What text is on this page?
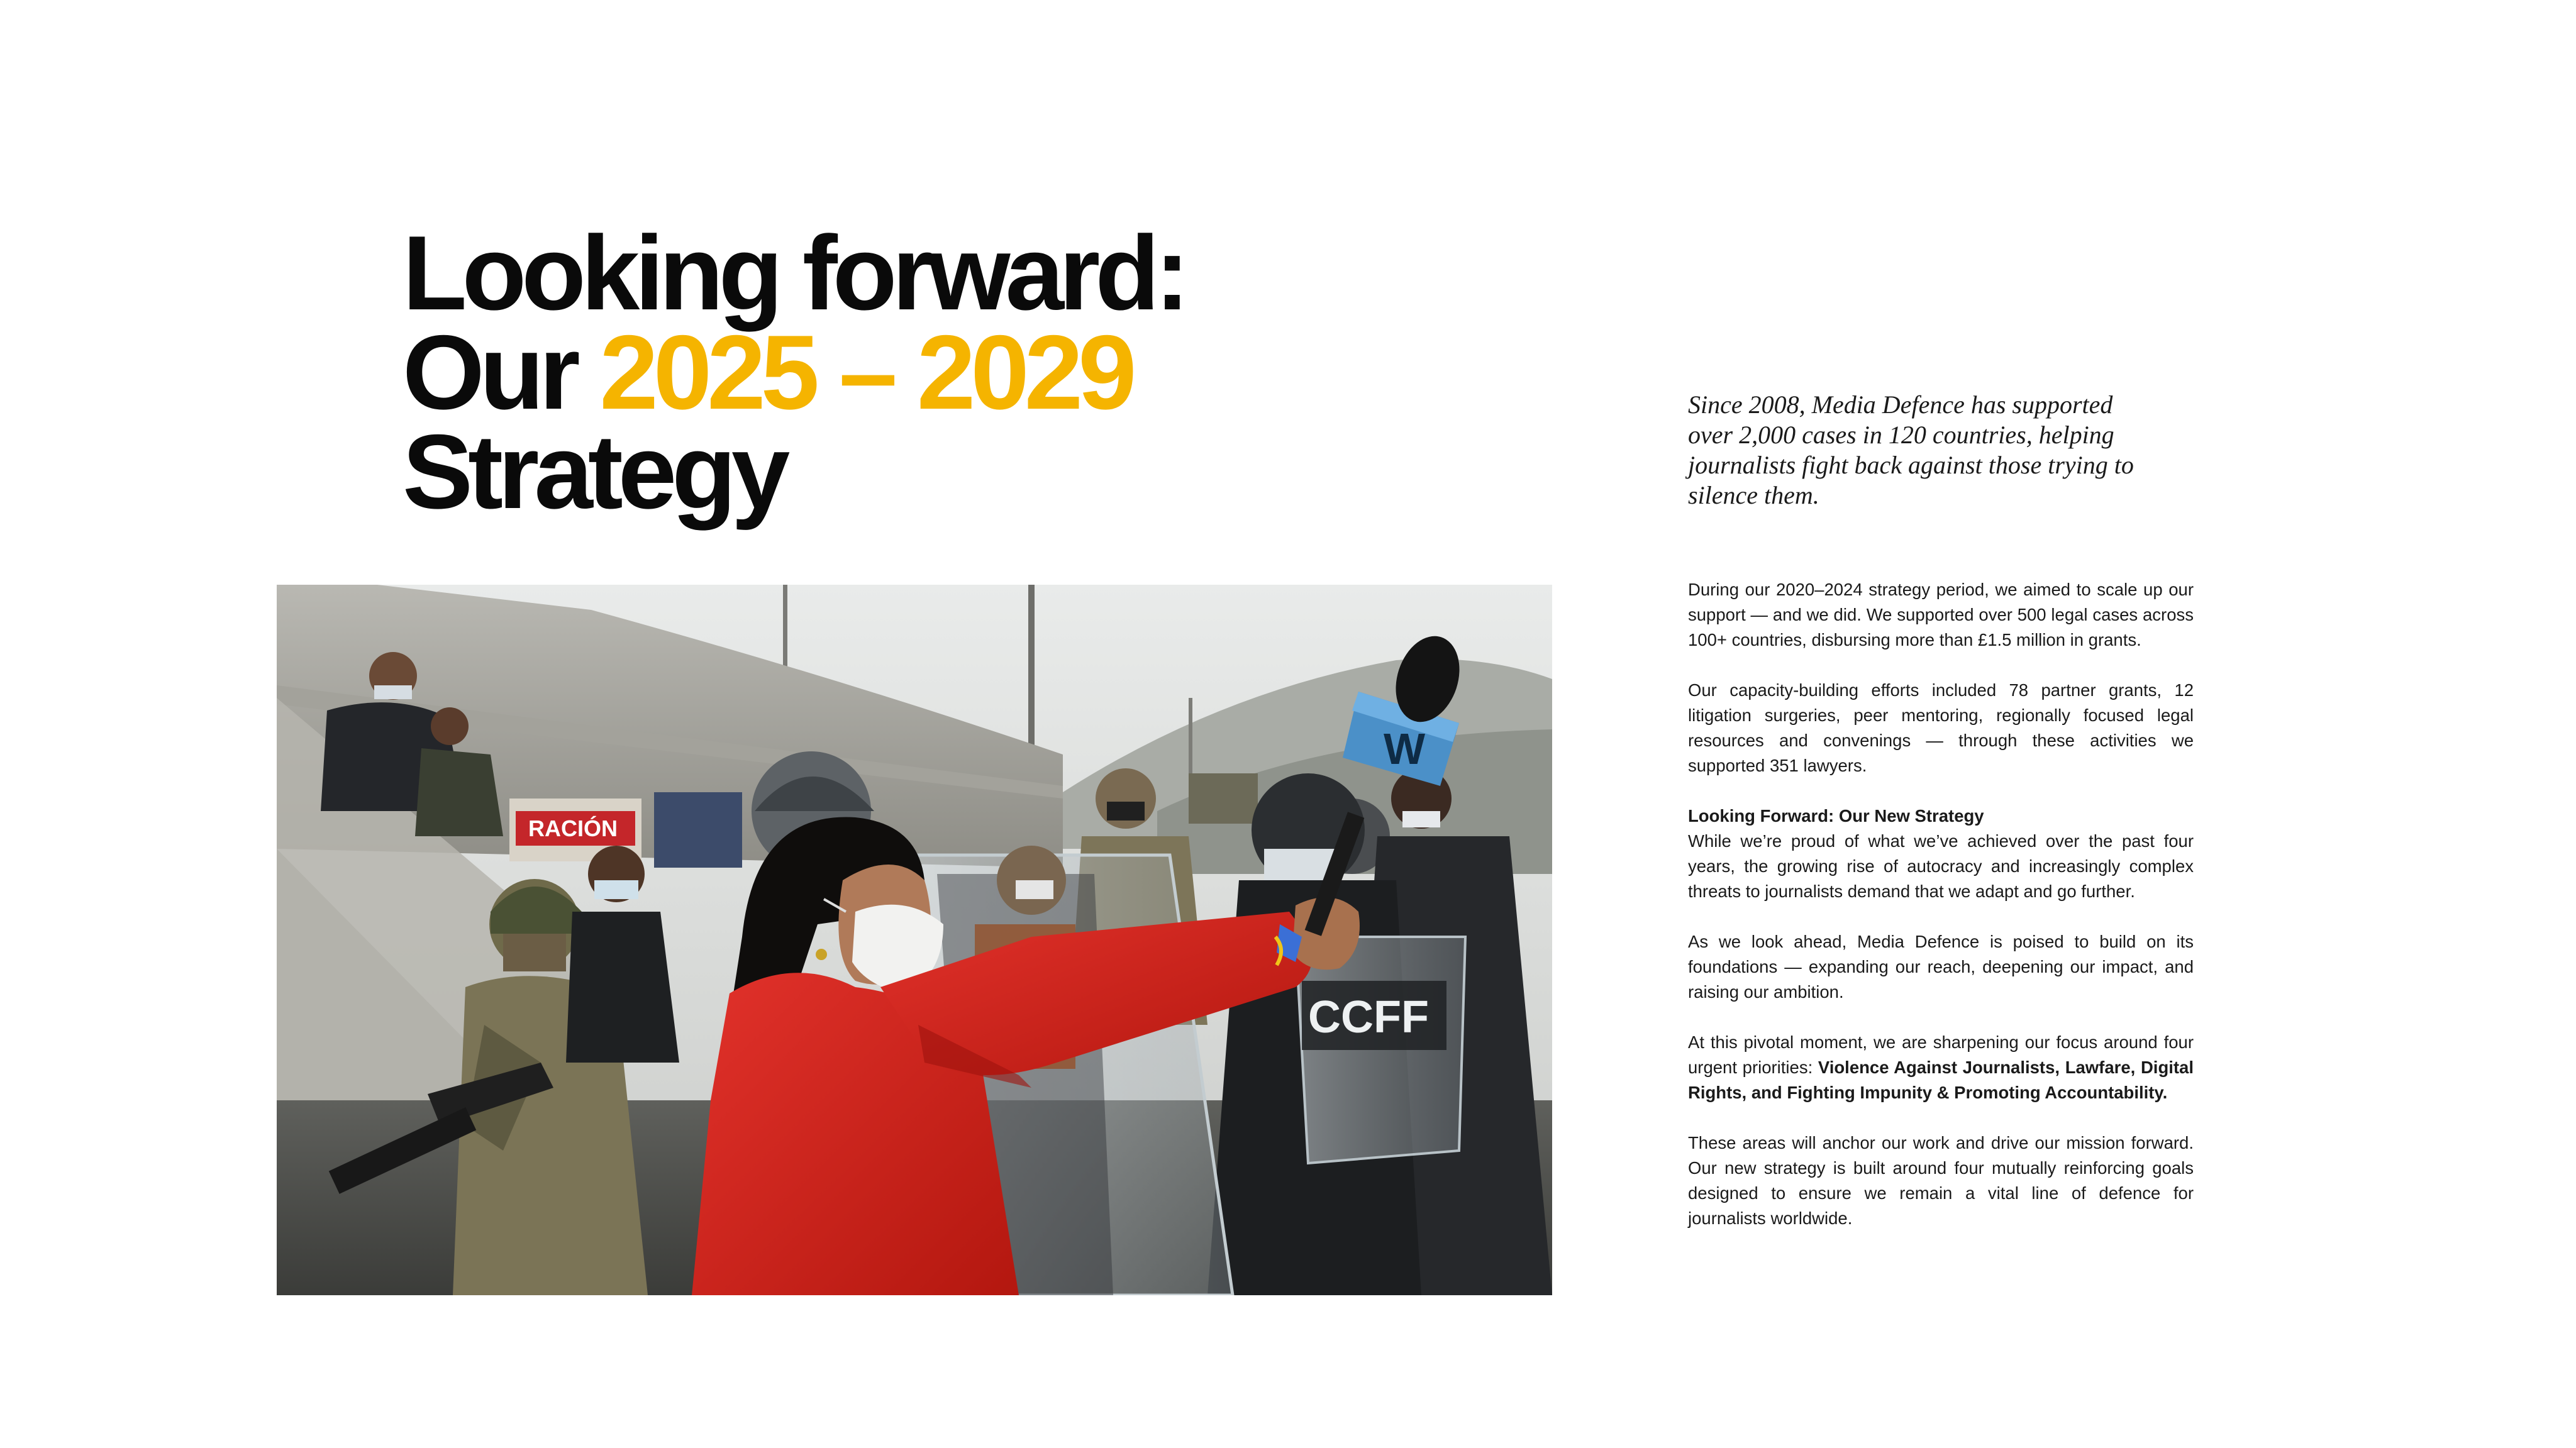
Looking forward:
Our 2025 – 2029
Strategy
RACIÓN
CCFF
W

Since 2008, Media Defence has supported over 2,000 cases in 120 countries, helping journalists fight back against those trying to silence them.

During our 2020–2024 strategy period, we aimed to scale up our support — and we did. We supported over 500 legal cases across 100+ countries, disbursing more than £1.5 million in grants.

Our capacity-building efforts included 78 partner grants, 12 litigation surgeries, peer mentoring, regionally focused legal resources and convenings — through these activities we supported 351 lawyers.

Looking Forward: Our New Strategy
While we’re proud of what we’ve achieved over the past four years, the growing rise of autocracy and increasingly complex threats to journalists demand that we adapt and go further.

As we look ahead, Media Defence is poised to build on its foundations — expanding our reach, deepening our impact, and raising our ambition.

At this pivotal moment, we are sharpening our focus around four urgent priorities: Violence Against Journalists, Lawfare, Digital Rights, and Fighting Impunity & Promoting Accountability.

These areas will anchor our work and drive our mission forward. Our new strategy is built around four mutually reinforcing goals designed to ensure we remain a vital line of defence for journalists worldwide.
